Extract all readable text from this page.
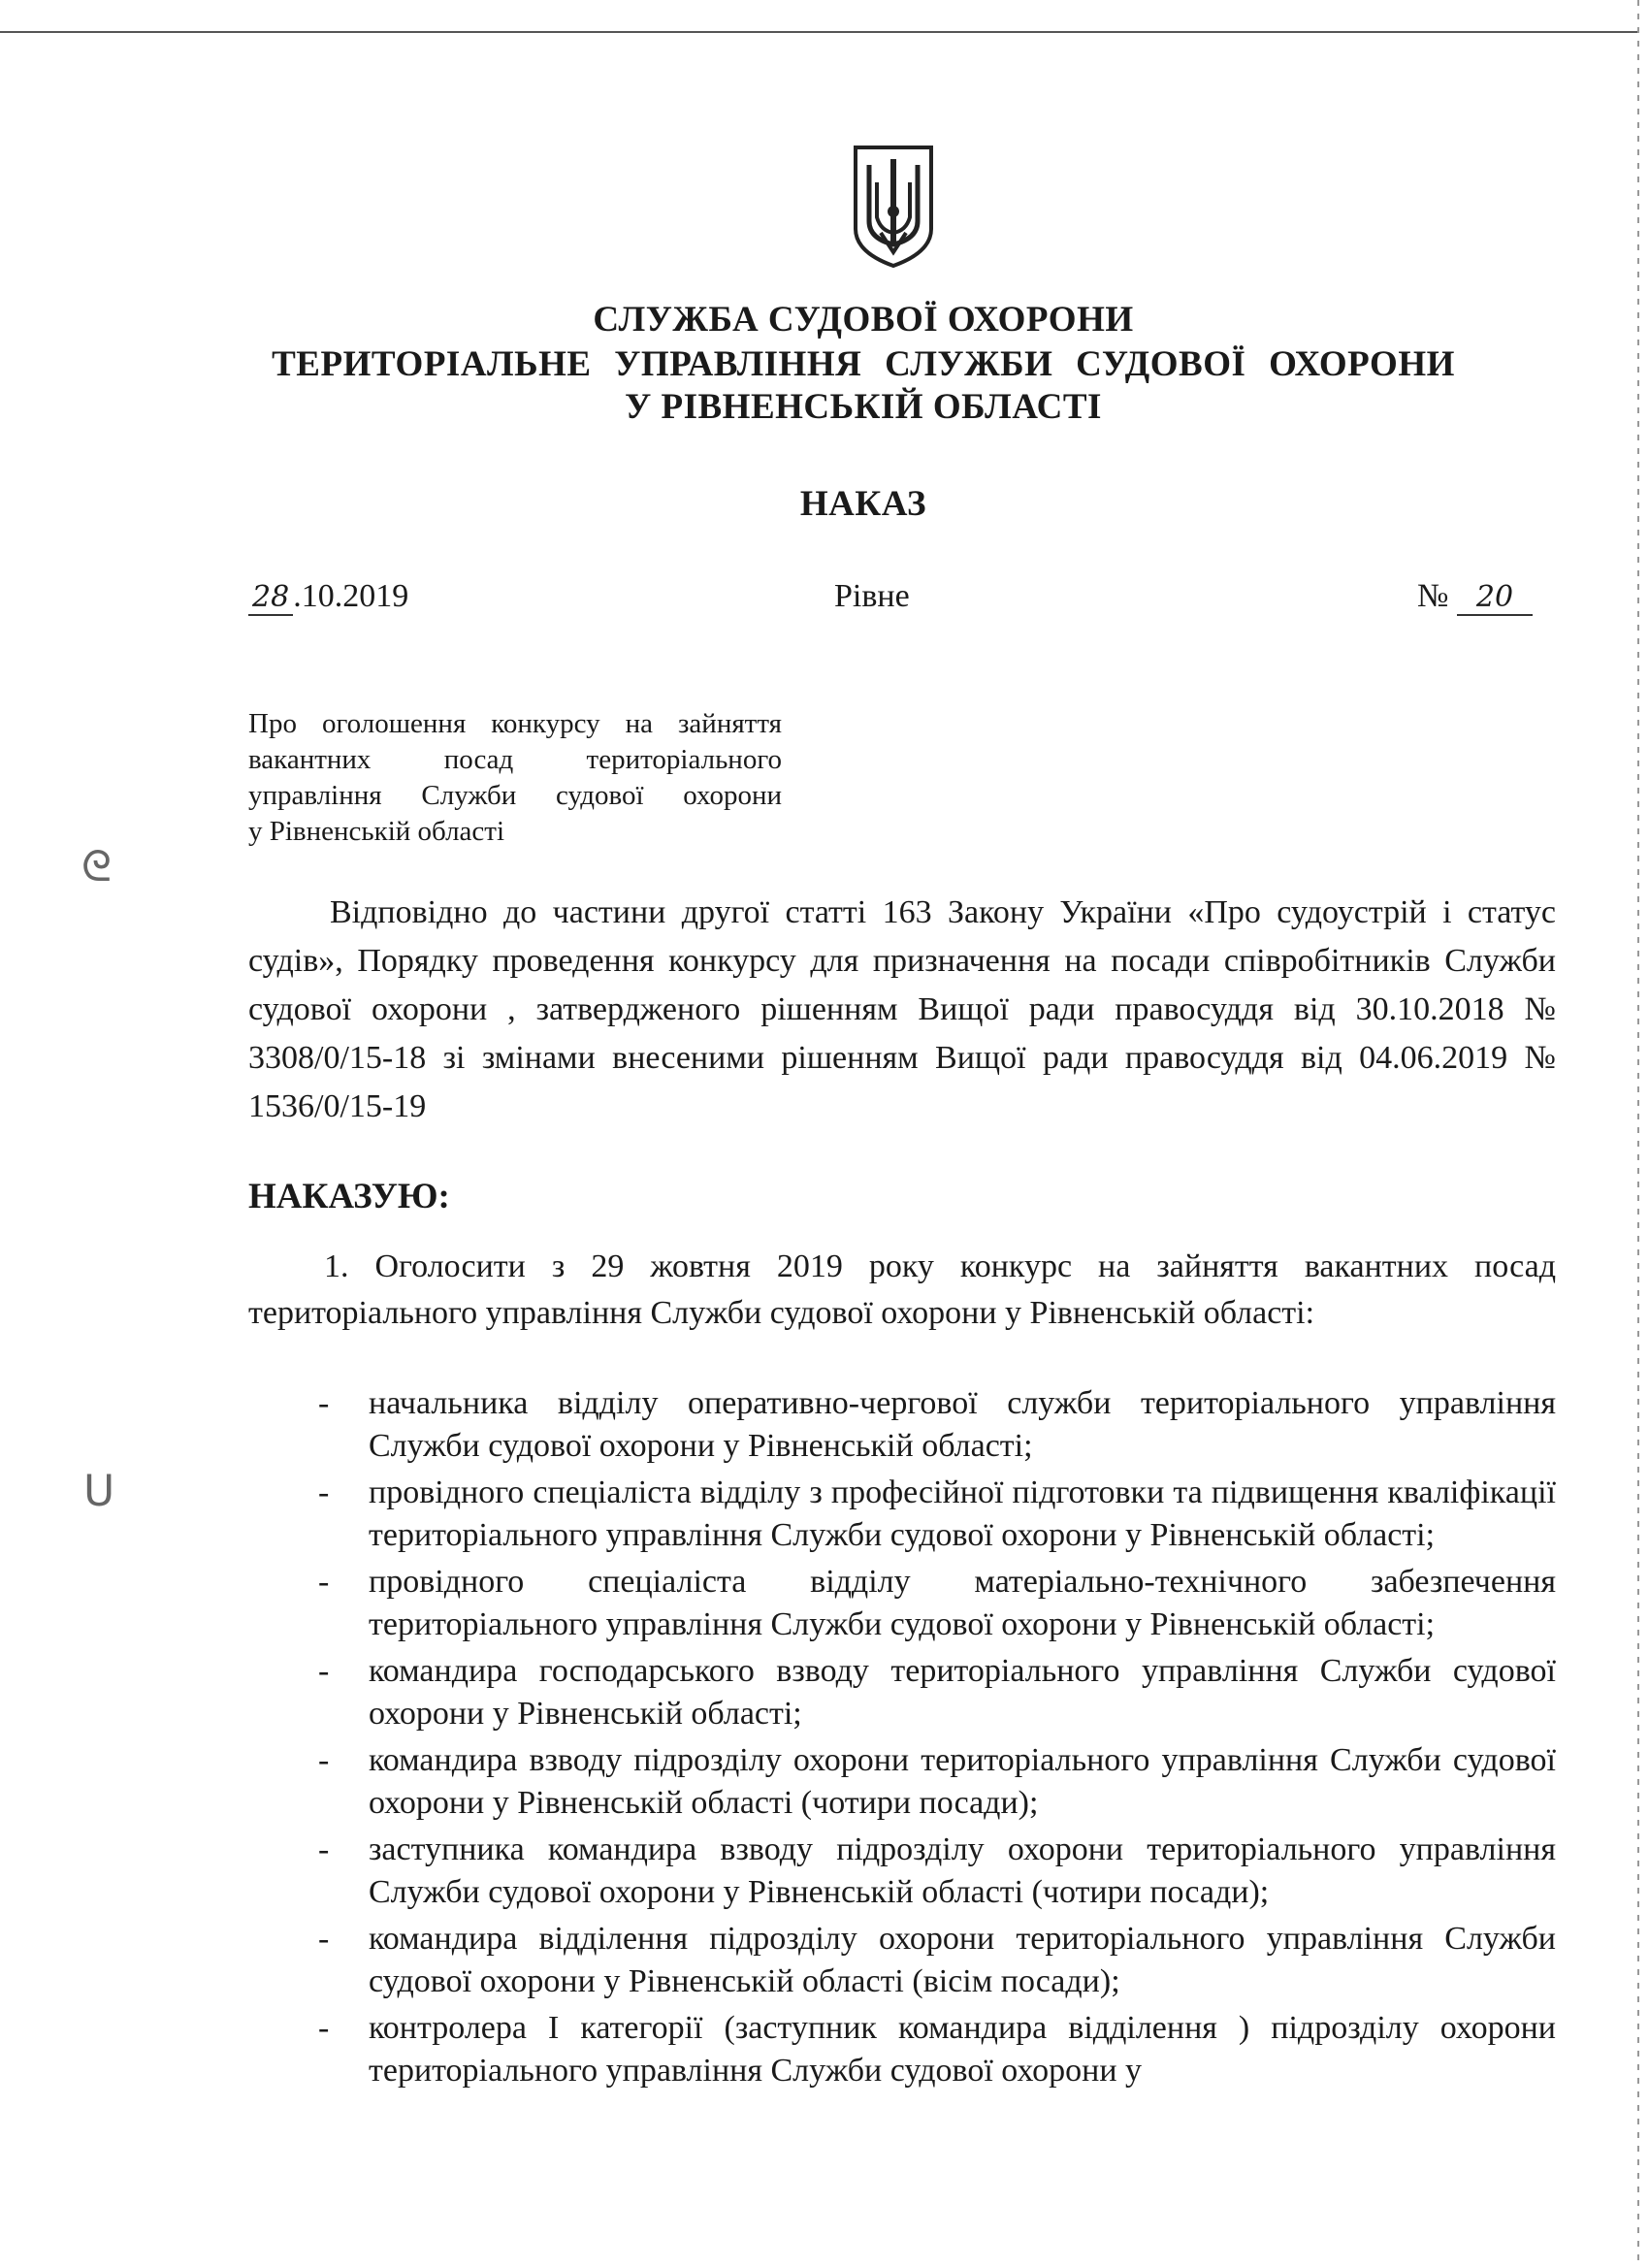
СЛУЖБА СУДОВОЇ ОХОРОНИ
ТЕРИТОРІАЛЬНЕ УПРАВЛІННЯ СЛУЖБИ СУДОВОЇ ОХОРОНИ
У РІВНЕНСЬКІЙ ОБЛАСТІ
НАКАЗ
28 .10.2019	Рівне	№ 20
Про оголошення конкурсу на зайняття
вакантних посад територіального
управління Служби судової охорони
у Рівненській області
ᘓ
ᑌ
Відповідно до частини другої статті 163 Закону України «Про судоустрій і статус судів», Порядку проведення конкурсу для призначення на посади співробітників Служби судової охорони , затвердженого рішенням Вищої ради правосуддя від 30.10.2018 № 3308/0/15-18 зі змінами внесеними рішенням Вищої ради правосуддя від 04.06.2019 № 1536/0/15-19
НАКАЗУЮ:
1. Оголосити з 29 жовтня 2019 року конкурс на зайняття вакантних посад територіального управління Служби судової охорони у Рівненській області:
- начальника відділу оперативно-чергової служби територіального управління Служби судової охорони у Рівненській області;
- провідного спеціаліста відділу з професійної підготовки та підвищення кваліфікації територіального управління Служби судової охорони у Рівненській області;
- провідного спеціаліста відділу матеріально-технічного забезпечення територіального управління Служби судової охорони у Рівненській області;
- командира господарського взводу територіального управління Служби судової охорони у Рівненській області;
- командира взводу підрозділу охорони територіального управління Служби судової охорони у Рівненській області (чотири посади);
- заступника командира взводу підрозділу охорони територіального управління Служби судової охорони у Рівненській області (чотири посади);
- командира відділення підрозділу охорони територіального управління Служби судової охорони у Рівненській області (вісім посади);
- контролера І категорії (заступник командира відділення ) підрозділу охорони територіального управління Служби судової охорони у
